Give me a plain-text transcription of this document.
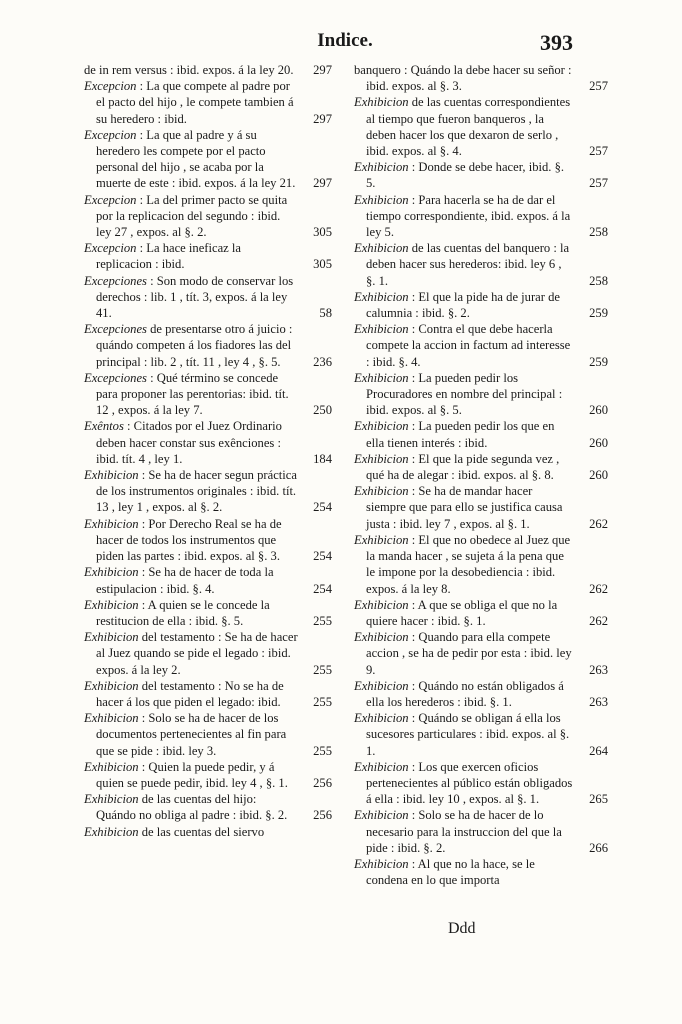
Indice.	393

de in rem versus : ibid. expos. á la ley 20. 297

Excepcion : La que compete al padre por el pacto del hijo , le compete tambien á su heredero : ibid.	297

Excepcion : La que al padre y á su heredero les compete por el pacto personal del hijo , se acaba por la muerte de este : ibid. expos. á la ley 21. 297

Excepcion : La del primer pacto se quita por la replicacion del segundo : ibid. ley 27 , expos. al §. 2.	305

Excepcion : La hace ineficaz la replicacion : ibid.	305

Excepciones : Son modo de conservar los derechos : lib. 1 , tít. 3, expos. á la ley 41.	58

Excepciones de presentarse otro á juicio : quándo competen á los fiadores las del principal : lib. 2 , tít. 11 , ley 4 , §. 5.	236

Excepciones : Qué término se concede para proponer las perentorias: ibid. tít. 12 , expos. á la ley 7.	250

Exêntos : Citados por el Juez Ordinario deben hacer constar sus exênciones : ibid. tít. 4 , ley 1.	184

Exhibicion : Se ha de hacer segun práctica de los instrumentos originales : ibid. tít. 13 , ley 1 , expos. al §. 2.	254

Exhibicion : Por Derecho Real se ha de hacer de todos los instrumentos que piden las partes : ibid. expos. al §. 3.	254

Exhibicion : Se ha de hacer de toda la estipulacion : ibid. §. 4.	254

Exhibicion : A quien se le concede la restitucion de ella : ibid. §. 5.	255

Exhibicion del testamento : Se ha de hacer al Juez quando se pide el legado : ibid. expos. á la ley 2.	255

Exhibicion del testamento : No se ha de hacer á los que piden el legado: ibid.	255

Exhibicion : Solo se ha de hacer de los documentos pertenecientes al fin para que se pide : ibid. ley 3.	255

Exhibicion : Quien la puede pedir, y á quien se puede pedir, ibid. ley 4 , §. 1. 256

Exhibicion de las cuentas del hijo: Quándo no obliga al padre : ibid. §. 2. 256

Exhibicion de las cuentas del siervo

banquero : Quándo la debe hacer su señor : ibid. expos. al §. 3.	257

Exhibicion de las cuentas correspondientes al tiempo que fueron banqueros , la deben hacer los que dexaron de serlo , ibid. expos. al §. 4.	257

Exhibicion : Donde se debe hacer, ibid. §. 5.	257

Exhibicion : Para hacerla se ha de dar el tiempo correspondiente, ibid. expos. á la ley 5.	258

Exhibicion de las cuentas del banquero : la deben hacer sus herederos: ibid. ley 6 , §. 1.	258

Exhibicion : El que la pide ha de jurar de calumnia : ibid. §. 2.	259

Exhibicion : Contra el que debe hacerla compete la accion in factum ad interesse : ibid. §. 4.	259

Exhibicion : La pueden pedir los Procuradores en nombre del principal : ibid. expos. al §. 5.	260

Exhibicion : La pueden pedir los que en ella tienen interés : ibid.	260

Exhibicion : El que la pide segunda vez , qué ha de alegar : ibid. expos. al §. 8.	260

Exhibicion : Se ha de mandar hacer siempre que para ello se justifica causa justa : ibid. ley 7 , expos. al §. 1.	262

Exhibicion : El que no obedece al Juez que la manda hacer , se sujeta á la pena que le impone por la desobediencia : ibid. expos. á la ley 8.	262

Exhibicion : A que se obliga el que no la quiere hacer : ibid. §. 1.	262

Exhibicion : Quando para ella compete accion , se ha de pedir por esta : ibid. ley 9.	263

Exhibicion : Quándo no están obligados á ella los herederos : ibid. §. 1.	263

Exhibicion : Quándo se obligan á ella los sucesores particulares : ibid. expos. al §. 1.	264

Exhibicion : Los que exercen oficios pertenecientes al público están obligados á ella : ibid. ley 10 , expos. al §. 1.	265

Exhibicion : Solo se ha de hacer de lo necesario para la instruccion del que la pide : ibid. §. 2.	266

Exhibicion : Al que no la hace, se le condena en lo que importa

Ddd
